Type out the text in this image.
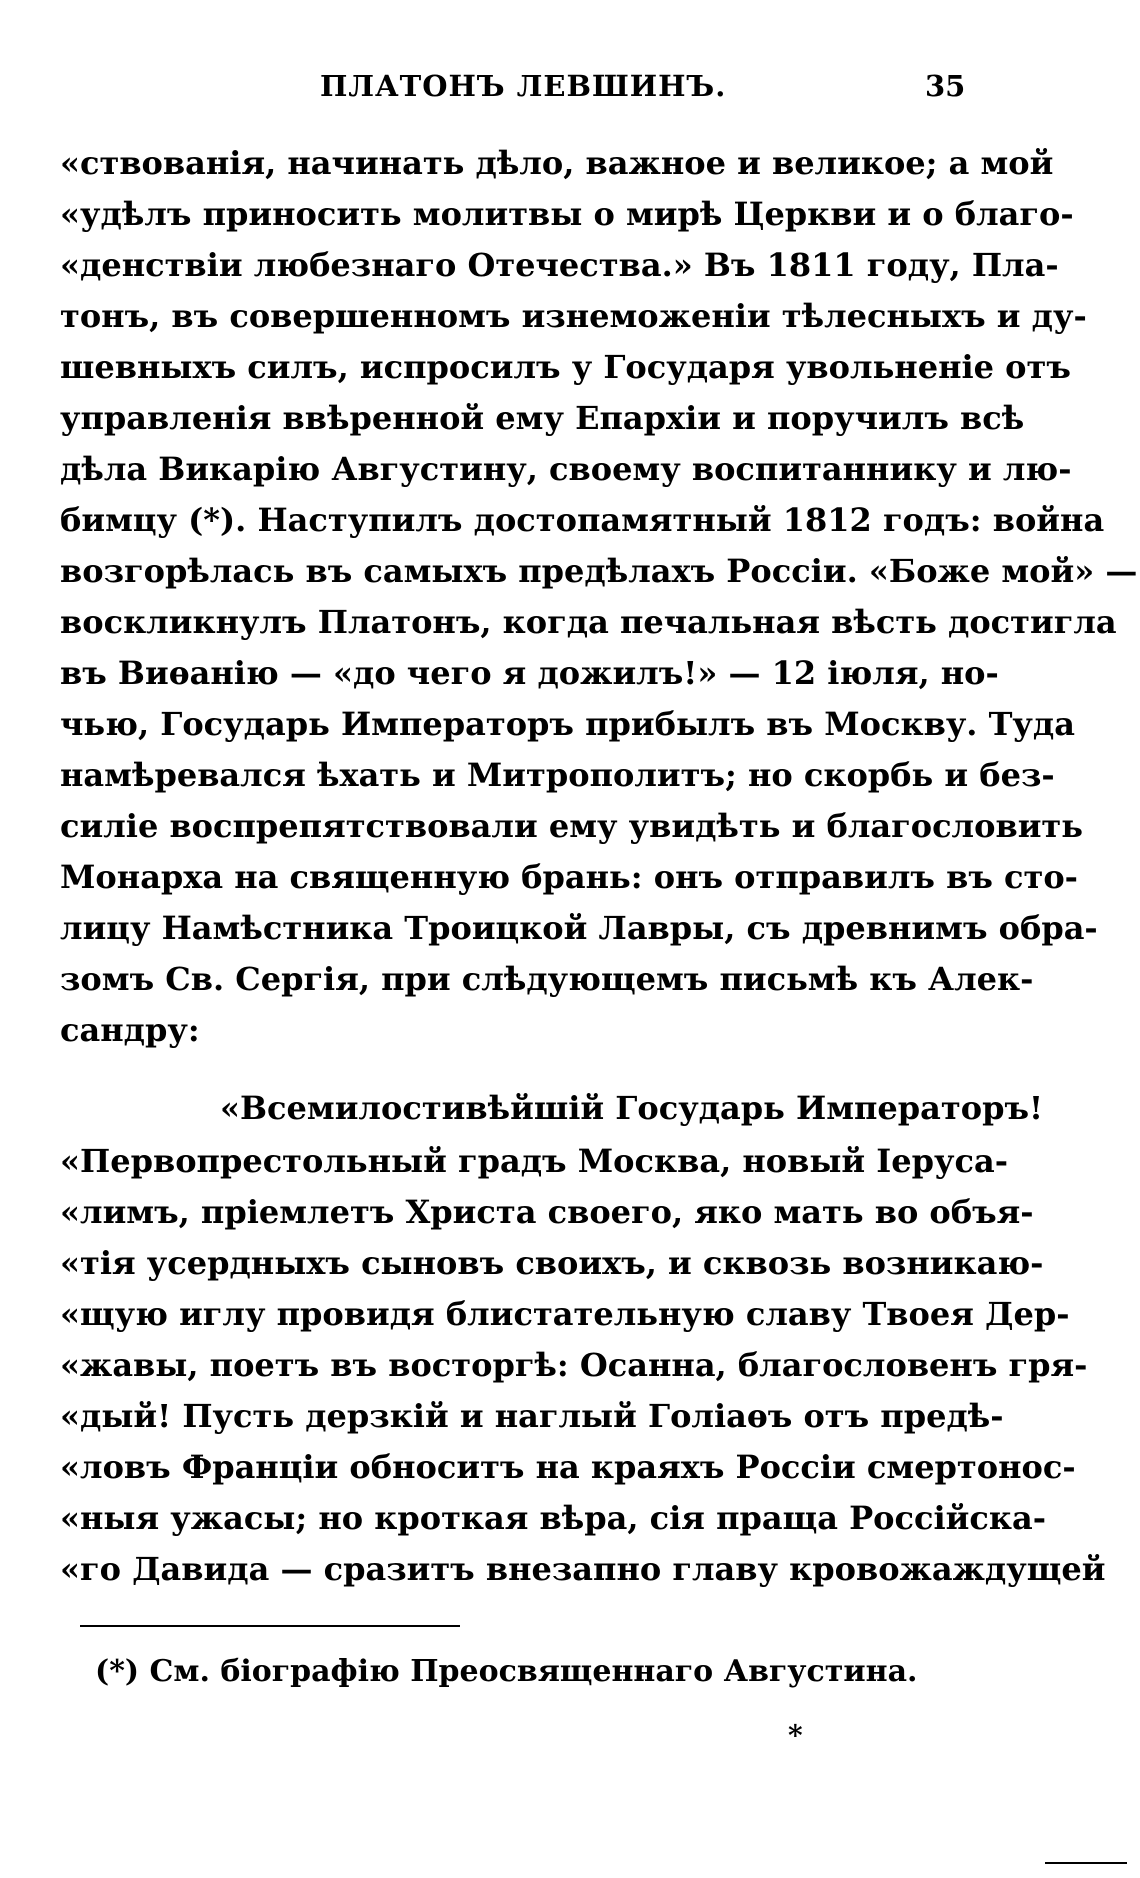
ПЛАТОНЪ ЛЕВШИНЪ.	35
«ствованія, начинать дѣло, важное и великое; а мой
«удѣлъ приносить молитвы о мирѣ Церкви и о благо-
«денствіи любезнаго Отечества.» Въ 1811 году, Пла-
тонъ, въ совершенномъ изнеможеніи тѣлесныхъ и ду-
шевныхъ силъ, испросилъ у Государя увольненіе отъ
управленія ввѣренной ему Епархіи и поручилъ всѣ
дѣла Викарію Августину, своему воспитаннику и лю-
бимцу (*). Наступилъ достопамятный 1812 годъ: война
возгорѣлась въ самыхъ предѣлахъ Россіи. «Боже мой» —
воскликнулъ Платонъ, когда печальная вѣсть достигла
въ Виѳанію — «до чего я дожилъ!» — 12 іюля, но-
чью, Государь Императоръ прибылъ въ Москву. Туда
намѣревался ѣхать и Митрополитъ; но скорбь и без-
силіе воспрепятствовали ему увидѣть и благословить
Монарха на священную брань: онъ отправилъ въ сто-
лицу Намѣстника Троицкой Лавры, съ древнимъ обра-
зомъ Св. Сергія, при слѣдующемъ письмѣ къ Алек-
сандру:
«Всемилостивѣйшій Государь Императоръ!
«Первопрестольный градъ Москва, новый Іеруса-
«лимъ, пріемлетъ Христа своего, яко мать во объя-
«тія усердныхъ сыновъ своихъ, и сквозь возникаю-
«щую иглу провидя блистательную славу Твоея Дер-
«жавы, поетъ въ восторгѣ: Осанна, благословенъ гря-
«дый! Пусть дерзкій и наглый Голіаѳъ отъ предѣ-
«ловъ Франціи обноситъ на краяхъ Россіи смертонос-
«ныя ужасы; но кроткая вѣра, сія праща Россійска-
«го Давида — сразитъ внезапно главу кровожаждущей
(*) См. біографію Преосвященнаго Августина.
*
